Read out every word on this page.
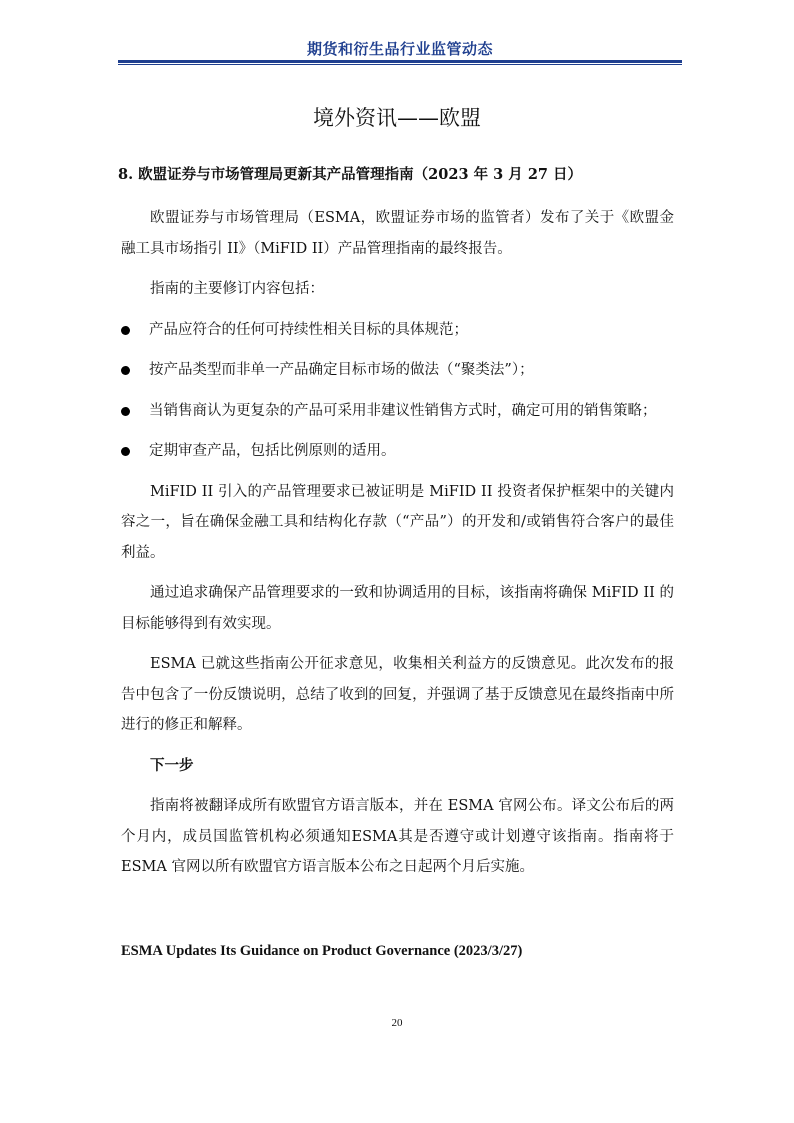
期货和衍生品行业监管动态
境外资讯——欧盟
8. 欧盟证券与市场管理局更新其产品管理指南（2023 年 3 月 27 日）

欧盟证券与市场管理局（ESMA，欧盟证券市场的监管者）发布了关于《欧盟金融工具市场指引 II》（MiFID II）产品管理指南的最终报告。

指南的主要修订内容包括：

产品应符合的任何可持续性相关目标的具体规范；
按产品类型而非单一产品确定目标市场的做法（“聚类法”）；
当销售商认为更复杂的产品可采用非建议性销售方式时，确定可用的销售策略；
定期审查产品，包括比例原则的适用。

MiFID II 引入的产品管理要求已被证明是 MiFID II 投资者保护框架中的关键内容之一，旨在确保金融工具和结构化存款（“产品”）的开发和/或销售符合客户的最佳利益。

通过追求确保产品管理要求的一致和协调适用的目标，该指南将确保 MiFID II 的目标能够得到有效实现。

ESMA 已就这些指南公开征求意见，收集相关利益方的反馈意见。此次发布的报告中包含了一份反馈说明，总结了收到的回复，并强调了基于反馈意见在最终指南中所进行的修正和解释。

下一步

指南将被翻译成所有欧盟官方语言版本，并在 ESMA 官网公布。译文公布后的两个月内，成员国监管机构必须通知ESMA其是否遵守或计划遵守该指南。指南将于 ESMA 官网以所有欧盟官方语言版本公布之日起两个月后实施。

ESMA Updates Its Guidance on Product Governance (2023/3/27)
20
